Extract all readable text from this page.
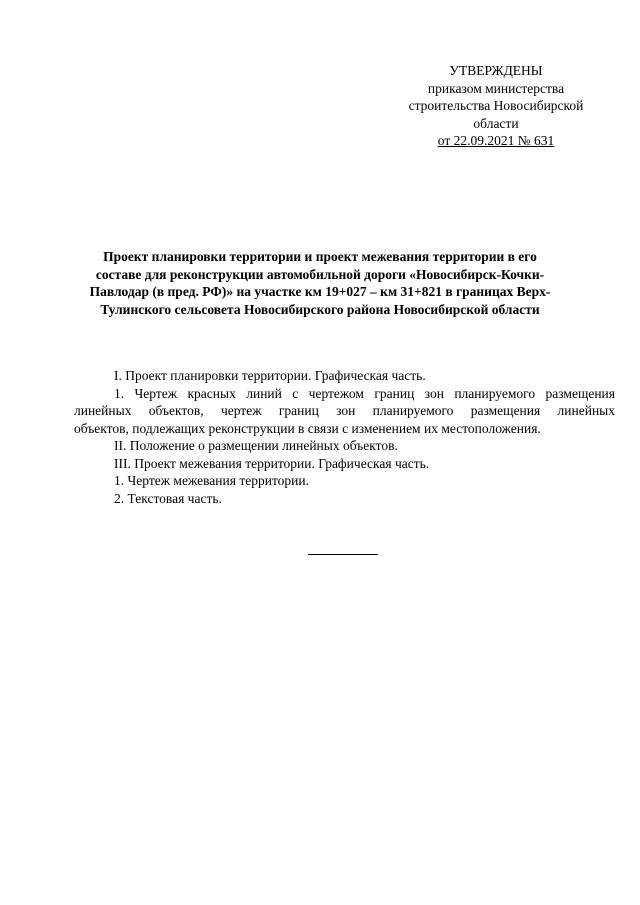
УТВЕРЖДЕНЫ
приказом министерства
строительства Новосибирской
области
от 22.09.2021 № 631
Проект планировки территории и проект межевания территории в его
составе для реконструкции автомобильной дороги «Новосибирск-Кочки-
Павлодар (в пред. РФ)» на участке км 19+027 – км 31+821 в границах Верх-
Тулинского сельсовета Новосибирского района Новосибирской области
I. Проект планировки территории. Графическая часть.
1. Чертеж красных линий с чертежом границ зон планируемого размещения
линейных объектов, чертеж границ зон планируемого размещения линейных
объектов, подлежащих реконструкции в связи с изменением их местоположения.
II. Положение о размещении линейных объектов.
III. Проект межевания территории. Графическая часть.
1. Чертеж межевания территории.
2. Текстовая часть.
